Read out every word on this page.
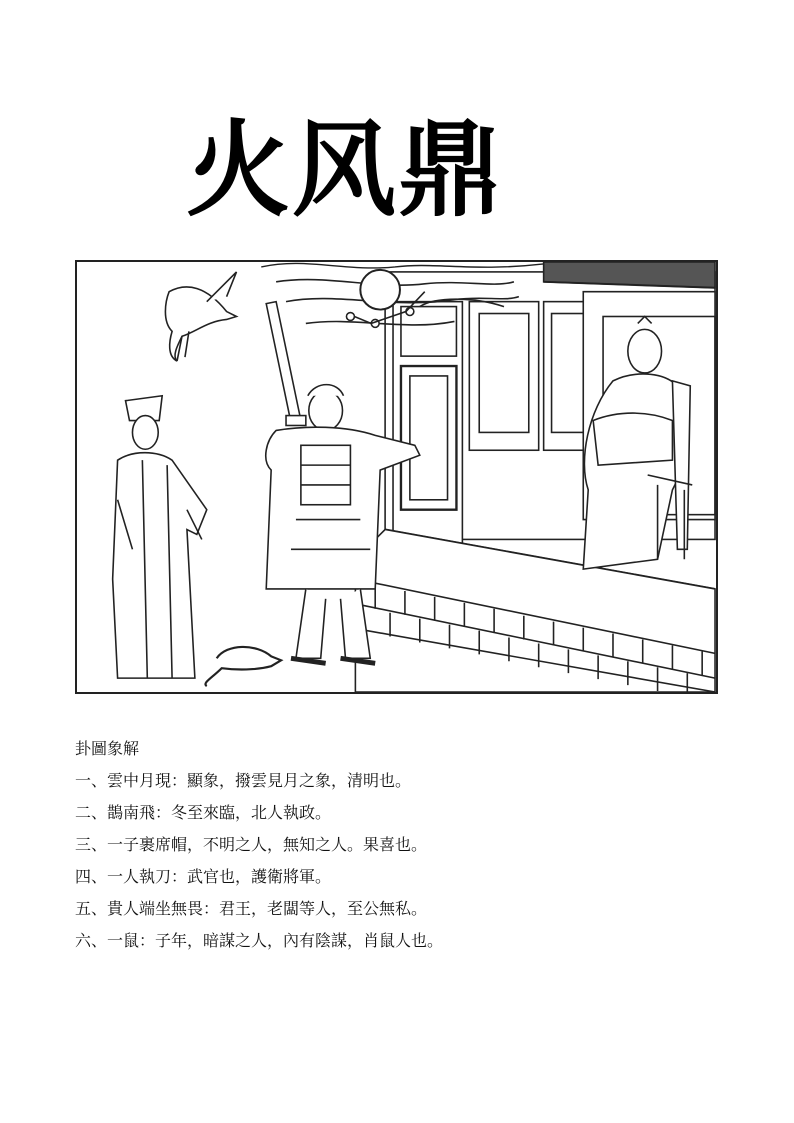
火风鼎
卦圖象解
一、雲中月現：顯象，撥雲見月之象，清明也。
二、鵲南飛：冬至來臨，北人執政。
三、一子裹席帽，不明之人，無知之人。果喜也。
四、一人執刀：武官也，護衛將軍。
五、貴人端坐無畏：君王，老闆等人，至公無私。
六、一鼠：子年，暗謀之人，內有陰謀，肖鼠人也。
